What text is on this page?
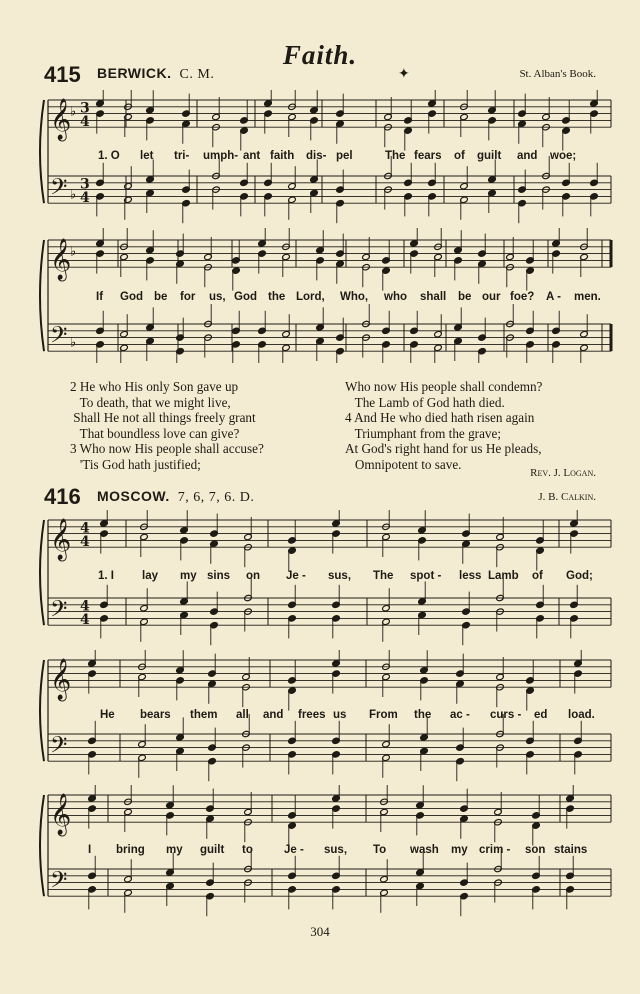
Faith.
✦
415 BERWICK. C. M.	St. Alban's Book.
𝄞
𝄢
♭
♭
3
4
3
4
1. O let tri- umph- ant faith dis- pel	The fears of guilt and woe;
𝄞
𝄢
♭
♭
If God be for us, God the Lord, Who, who shall be our foe? A - men.
2 He who His only Son gave up
To death, that we might live,
Shall He not all things freely grant
That boundless love can give?
3 Who now His people shall accuse?
'Tis God hath justified;
Who now His people shall condemn?
The Lamb of God hath died.
4 And He who died hath risen again
Triumphant from the grave;
At God's right hand for us He pleads,
Omnipotent to save.
Rev. J. Logan.
416 MOSCOW. 7, 6, 7, 6. D.	J. B. Calkin.
𝄞
𝄢
4
4
4
4
1. I lay my sins on Je - sus, The spot - less Lamb of God;
𝄞
𝄢
He bears them all and frees us From the ac - curs - ed load.
𝄞
𝄢
I bring my guilt to	Je - sus, To wash my crim - son stains
304
